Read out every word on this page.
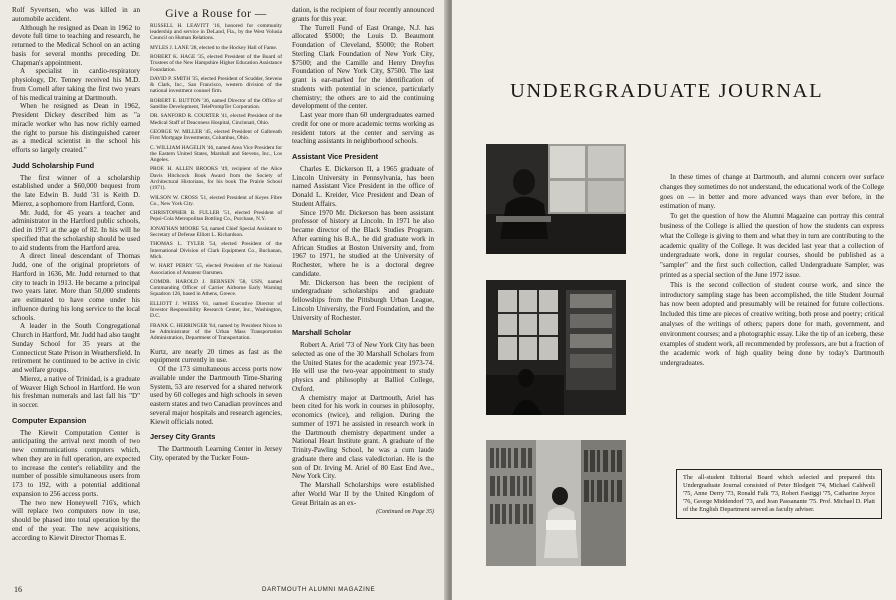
Rolf Syvertsen, who was killed in an automobile accident.

Although he resigned as Dean in 1962 to devote full time to teaching and research, he returned to the Medical School on an acting basis for several months preceding Dr. Chapman's appointment.

A specialist in cardio-respiratory physiology, Dr. Tenney received his M.D. from Cornell after taking the first two years of his medical training at Dartmouth.

When he resigned as Dean in 1962, President Dickey described him as "a miracle worker who has now richly earned the right to pursue his distinguished career as a medical scientist in the school his efforts so largely created."

Judd Scholarship Fund

The first winner of a scholarship established under a $60,000 bequest from the late Edwin B. Judd '31 is Keith D. Mierez, a sophomore from Hartford, Conn.

Mr. Judd, for 45 years a teacher and administrator in the Hartford public schools, died in 1971 at the age of 82. In his will he specified that the scholarship should be used to aid students from the Hartford area.

A direct lineal descendant of Thomas Judd, one of the original proprietors of Hartford in 1636, Mr. Judd returned to that city to teach in 1913. He became a principal two years later. More than 50,000 students are estimated to have come under his influence during his long service to the local schools.

A leader in the South Congregational Church in Hartford, Mr. Judd had also taught Sunday School for 35 years at the Connecticut State Prison in Weathersfield. In retirement he continued to be active in civic and welfare groups.

Mierez, a native of Trinidad, is a graduate of Weaver High School in Hartford. He won his freshman numerals and last fall his "D" in soccer.

Computer Expansion

The Kiewit Computation Center is anticipating the arrival next month of two new communications computers which, when they are in full operation, are expected to increase the center's reliability and the number of possible simultaneous users from 173 to 192, with a potential additional expansion to 256 access ports.

The two new Honeywell 716's, which will replace two computers now in use, should be phased into total operation by the end of the year. The new acquisitions, according to Kiewit Director Thomas E.

Give a Rouse for —

RUSSELL H. LEAVITT '16, honored for community leadership and service in DeLand, Fla., by the West Volusia Council on Human Relations.

MYLES J. LANE '28, elected to the Hockey Hall of Fame.

ROBERT K. HAGE '35, elected President of the Board of Trustees of the New Hampshire Higher Education Assistance Foundation.

DAVID P. SMITH '35, elected President of Scudder, Stevens & Clark, Inc., San Francisco, western division of the national investment counsel firm.

ROBERT E. BUTTON '36, named Director of the Office of Satellite Development, TelePrompTer Corporation.

DR. SANFORD R. COURTER '41, elected President of the Medical Staff of Deaconess Hospital, Cincinnati, Ohio.

GEORGE W. MILLER '45, elected President of Galbreath First Mortgage Investments, Columbus, Ohio.

C. WILLIAM HAGELIN '46, named Area Vice President for the Eastern United States, Marshall and Stevens, Inc., Los Angeles.

PROF. H. ALLEN BROOKS '49, recipient of the Alice Davis Hitchcock Book Award from the Society of Architectural Historians, for his book The Prairie School (1971).

WILSON W. CROSS '51, elected President of Keyes Fibre Co., New York City.

CHRISTOPHER B. FULLER '51, elected President of Pepsi-Cola Metropolitan Bottling Co., Purchase, N.Y.

JONATHAN MOORE '54, named Chief Special Assistant to Secretary of Defense Elliott L. Richardson.

THOMAS L. TYLER '54, elected President of the International Division of Clark Equipment Co., Buchanan, Mich.

W. HART PERRY '55, elected President of the National Association of Amateur Oarsmen.

COMDR. HAROLD J. BERNSEN '58, USN, named Commanding Officer of Carrier Airborne Early Warning Squadron 126, based in Athens, Greece.

ELLIOTT J. WEISS '61, named Executive Director of Investor Responsibility Research Center, Inc., Washington, D.C.

FRANK C. HERRINGER '64, named by President Nixon to be Administrator of the Urban Mass Transportation Administration, Department of Transportation.

Kurtz, are nearly 20 times as fast as the equipment currently in use.

Of the 173 simultaneous access ports now available under the Dartmouth Time-Sharing System, 53 are reserved for a shared network used by 60 colleges and high schools in seven eastern states and two Canadian provinces and several major hospitals and research agencies, Kiewit officials noted.

Jersey City Grants

The Dartmouth Learning Center in Jersey City, operated by the Tucker Foun-

dation, is the recipient of four recently announced grants for this year.

The Turrell Fund of East Orange, N.J. has allocated $5000; the Louis D. Beaumont Foundation of Cleveland, $5000; the Robert Sterling Clark Foundation of New York City, $7500; and the Camille and Henry Dreyfus Foundation of New York City, $7500. The last grant is ear-marked for the identification of students with potential in science, particularly chemistry; the others are to aid the continuing development of the center.

Last year more than 60 undergraduates earned credit for one or more academic terms working as resident tutors at the center and serving as teaching assistants in neighborhood schools.

Assistant Vice President

Charles E. Dickerson II, a 1965 graduate of Lincoln University in Pennsylvania, has been named Assistant Vice President in the office of Donald L. Kreider, Vice President and Dean of Student Affairs.

Since 1970 Mr. Dickerson has been assistant professor of history at Lincoln. In 1971 he also became director of the Black Studies Program. After earning his B.A., he did graduate work in African Studies at Boston University and, from 1967 to 1971, he studied at the University of Rochester, where he is a doctoral degree candidate.

Mr. Dickerson has been the recipient of undergraduate scholarships and graduate fellowships from the Pittsburgh Urban League, Lincoln University, the Ford Foundation, and the University of Rochester.

Marshall Scholar

Robert A. Ariel '73 of New York City has been selected as one of the 30 Marshall Scholars from the United States for the academic year 1973-74. He will use the two-year appointment to study physics and philosophy at Balliol College, Oxford.

A chemistry major at Dartmouth, Ariel has been cited for his work in courses in philosophy, economics (twice), and religion. During the summer of 1971 he assisted in research work in the Dartmouth chemistry department under a National Heart Institute grant. A graduate of the Trinity-Pawling School, he was a cum laude graduate there and class valedictorian. He is the son of Dr. Irving M. Ariel of 80 East End Ave., New York City.

The Marshall Scholarships were established after World War II by the United Kingdom of Great Britain as an ex-

(Continued on Page 35)
16	DARTMOUTH ALUMNI MAGAZINE
UNDERGRADUATE JOURNAL

In these times of change at Dartmouth, and alumni concern over surface changes they sometimes do not understand, the educational work of the College goes on — in better and more advanced ways than ever before, in the estimation of many.

To get the question of how the Alumni Magazine can portray this central business of the College is allied the question of how the students can express what the College is giving to them and what they in turn are contributing to the academic quality of the College. It was decided last year that a collection of undergraduate work, done in regular courses, should be published as a "sampler" and the first such collection, called Undergraduate Sampler, was printed as a special section of the June 1972 issue.

This is the second collection of student course work, and since the introductory sampling stage has been accomplished, the title Student Journal has now been adopted and presumably will be retained for future collections. Included this time are pieces of creative writing, both prose and poetry; critical analyses of the writings of others; papers done for math, government, and environment courses; and a photographic essay. Like the tip of an iceberg, these examples of student work, all recommended by professors, are but a fraction of the academic work of high quality being done by today's Dartmouth undergraduates.

The all-student Editorial Board which selected and prepared this Undergraduate Journal consisted of Peter Blodgett '74, Michael Caldwell '75, Anne Derry '73, Ronald Falk '73, Robert Fastiggi '75, Catharine Joyce '76, George Middendorf '73, and Jean Passanante '75. Prof. Michael D. Platt of the English Department served as faculty adviser.
